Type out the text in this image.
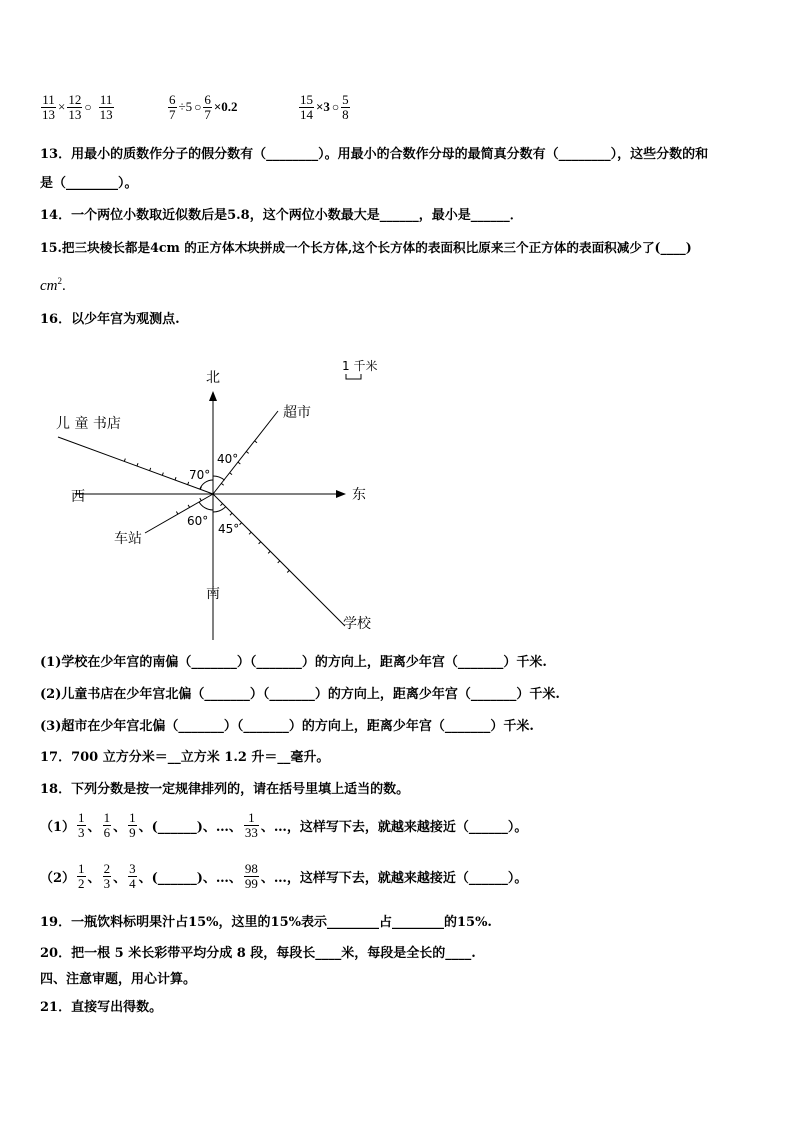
$\frac{11}{13} \times \frac{12}{13}$ ○ $\frac{11}{13}$	$\frac{6}{7} \div 5$ ○ $\frac{6}{7} \times 0.2$	$\frac{15}{14} \times 3$ ○ $\frac{5}{8}$
13．用最小的质数作分子的假分数有（________）。用最小的合数作分母的最简真分数有（________），这些分数的和
是（________）。
14．一个两位小数取近似数后是5.8，这个两位小数最大是______，最小是______．
15.把三块棱长都是4cm 的正方体木块拼成一个长方体,这个长方体的表面积比原来三个正方体的表面积减少了(____)
$cm^2$.
16．以少年宫为观测点.
1 千米
北
南
东
西
儿 童 书店
超市
车站
学校
70°
40°
60°
45°
(1)学校在少年宫的南偏（_______）（_______）的方向上，距离少年宫（_______）千米.
(2)儿童书店在少年宫北偏（_______）（_______）的方向上，距离少年宫（_______）千米.
(3)超市在少年宫北偏（_______）（_______）的方向上，距离少年宫（_______）千米.
17．700 立方分米＝__立方米 1.2 升＝__毫升。
18．下列分数是按一定规律排列的，请在括号里填上适当的数。
$(1) \frac{1}{3}$ 、 $\frac{1}{6}$ 、 $\frac{1}{9}$ 、(______)、…、 $\frac{1}{33}$ 、…，这样写下去，就越来越接近（______）。
$(2) \frac{1}{2}$ 、 $\frac{2}{3}$ 、 $\frac{3}{4}$ 、(______)、…、 $\frac{98}{99}$ 、…，这样写下去，就越来越接近（______）。
19．一瓶饮料标明果汁占15%，这里的15%表示________占________的15%.
20．把一根 5 米长彩带平均分成 8 段，每段长____米，每段是全长的____.
四、注意审题，用心计算。
21．直接写出得数。
